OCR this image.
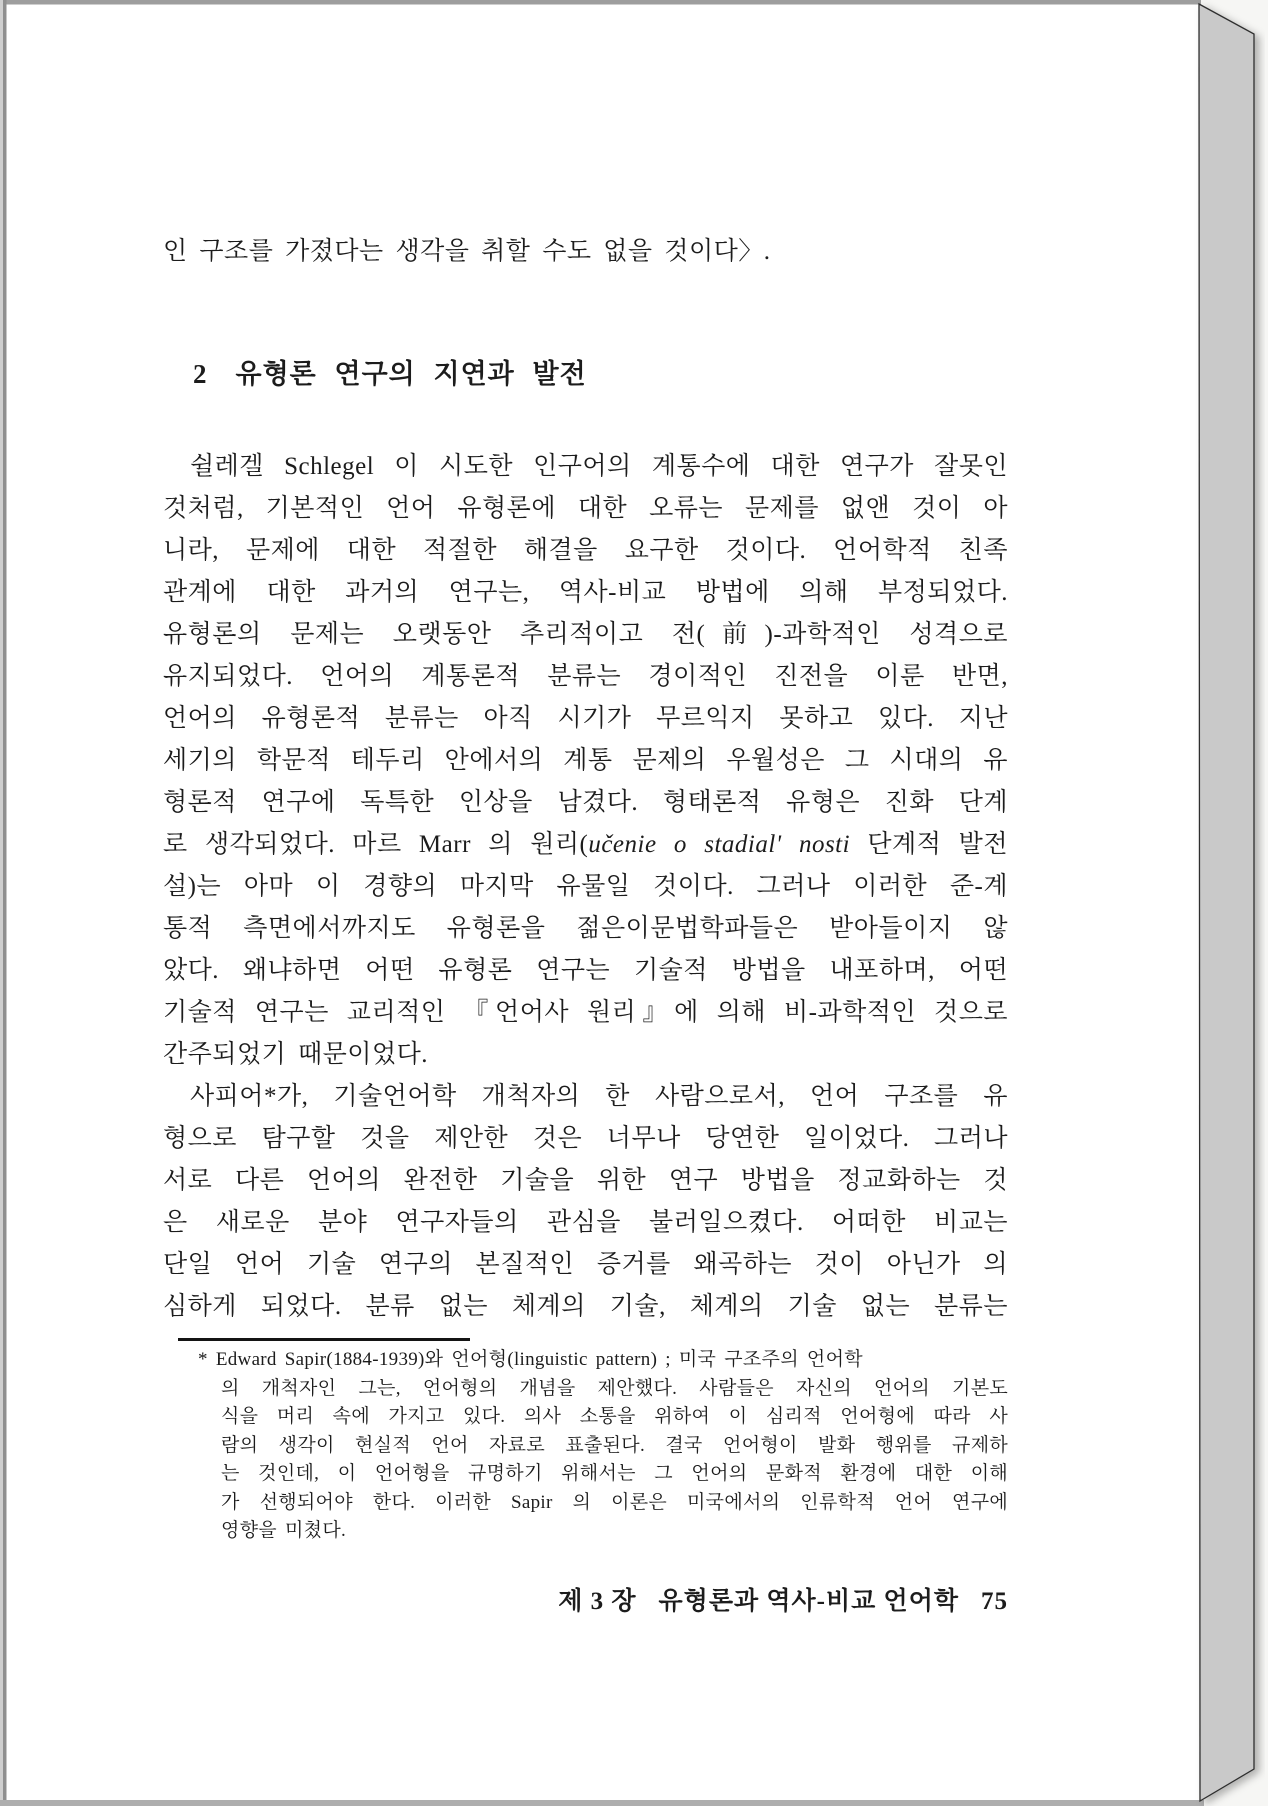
인 구조를 가졌다는 생각을 취할 수도 없을 것이다〉.
2 유형론 연구의 지연과 발전
쉴레겔 Schlegel 이 시도한 인구어의 계통수에 대한 연구가 잘못인
것처럼, 기본적인 언어 유형론에 대한 오류는 문제를 없앤 것이 아
니라, 문제에 대한 적절한 해결을 요구한 것이다. 언어학적 친족
관계에 대한 과거의 연구는, 역사-비교 방법에 의해 부정되었다.
유형론의 문제는 오랫동안 추리적이고 전(前)-과학적인 성격으로
유지되었다. 언어의 계통론적 분류는 경이적인 진전을 이룬 반면,
언어의 유형론적 분류는 아직 시기가 무르익지 못하고 있다. 지난
세기의 학문적 테두리 안에서의 계통 문제의 우월성은 그 시대의 유
형론적 연구에 독특한 인상을 남겼다. 형태론적 유형은 진화 단계
로 생각되었다. 마르 Marr 의 원리(učenie o stadial' nosti 단계적 발전
설)는 아마 이 경향의 마지막 유물일 것이다. 그러나 이러한 준-계
통적 측면에서까지도 유형론을 젊은이문법학파들은 받아들이지 않
았다. 왜냐하면 어떤 유형론 연구는 기술적 방법을 내포하며, 어떤
기술적 연구는 교리적인 『언어사 원리』에 의해 비-과학적인 것으로
간주되었기 때문이었다.
사피어*가, 기술언어학 개척자의 한 사람으로서, 언어 구조를 유
형으로 탐구할 것을 제안한 것은 너무나 당연한 일이었다. 그러나
서로 다른 언어의 완전한 기술을 위한 연구 방법을 정교화하는 것
은 새로운 분야 연구자들의 관심을 불러일으켰다. 어떠한 비교는
단일 언어 기술 연구의 본질적인 증거를 왜곡하는 것이 아닌가 의
심하게 되었다. 분류 없는 체계의 기술, 체계의 기술 없는 분류는
* Edward Sapir(1884-1939)와 언어형(linguistic pattern) ; 미국 구조주의 언어학
의 개척자인 그는, 언어형의 개념을 제안했다. 사람들은 자신의 언어의 기본도
식을 머리 속에 가지고 있다. 의사 소통을 위하여 이 심리적 언어형에 따라 사
람의 생각이 현실적 언어 자료로 표출된다. 결국 언어형이 발화 행위를 규제하
는 것인데, 이 언어형을 규명하기 위해서는 그 언어의 문화적 환경에 대한 이해
가 선행되어야 한다. 이러한 Sapir 의 이론은 미국에서의 인류학적 언어 연구에
영향을 미쳤다.
제 3 장 유형론과 역사-비교 언어학 75
